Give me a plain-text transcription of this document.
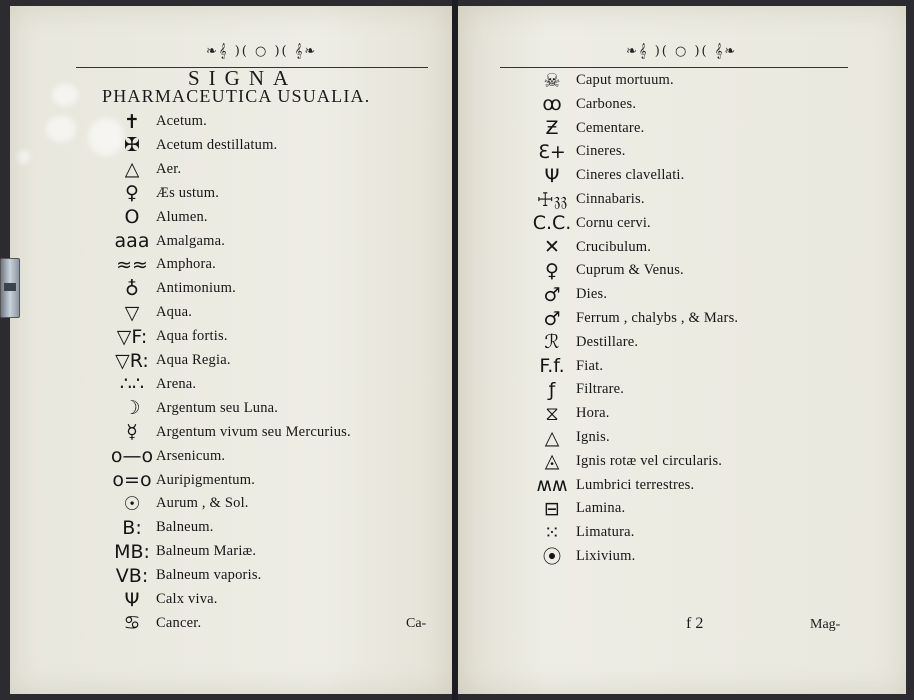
❧𝄞 )( ○ )( 𝄞❧
SIGNA
PHARMACEUTICA USUALIA.
✝	Acetum.
✠	Acetum destillatum.
△	Aer.
♀	Æs ustum.
O	Alumen.
aaa Amalgama.
≈≈ Amphora.
♁	Antimonium.
▽	Aqua.
▽F: Aqua fortis.
▽R: Aqua Regia.
∴∴ Arena.
☽	Argentum seu Luna.
☿	Argentum vivum seu Mercurius.
o—o Arsenicum.
o=o Auripigmentum.
☉	Aurum , & Sol.
B: Balneum.
MB: Balneum Mariæ.
VB: Balneum vaporis.
Ψ	Calx viva.
♋	Cancer.	Ca-
❧𝄞 )( ○ )( 𝄞❧
☠	Caput mortuum.
ꝏ Carbones.
Ƶ	Cementare.
Ɛ+ Cineres.
Ψ	Cineres clavellati.
☩𝔷𝔷 Cinnabaris.
C.C. Cornu cervi.
✕	Crucibulum.
♀	Cuprum & Venus.
♂	Dies.
♂	Ferrum , chalybs , & Mars.
ℛ	Destillare.
F.f. Fiat.
ƒ	Filtrare.
⧖	Hora.
△	Ignis.
◬	Ignis rotæ vel circularis.
ʍʍ Lumbrici terrestres.
⊟	Lamina.
⁙	Limatura.
⦿	Lixivium.
f 2	Mag-
